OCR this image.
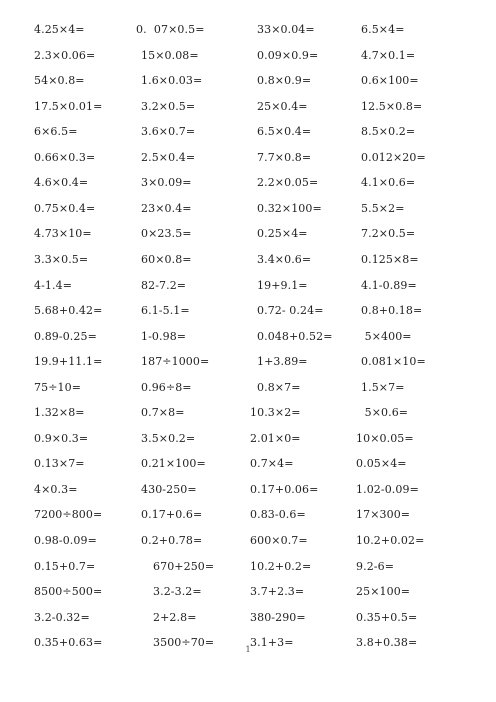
4.25×4=	0.  07×0.5=	33×0.04=	6.5×4=
2.3×0.06=	15×0.08=	0.09×0.9=	4.7×0.1=
54×0.8=	1.6×0.03=	0.8×0.9=	0.6×100=
17.5×0.01=	3.2×0.5=	25×0.4=	12.5×0.8=
6×6.5=	3.6×0.7=	6.5×0.4=	8.5×0.2=
0.66×0.3=	2.5×0.4=	7.7×0.8=	0.012×20=
4.6×0.4=	3×0.09=	2.2×0.05=	4.1×0.6=
0.75×0.4=	23×0.4=	0.32×100=	5.5×2=
4.73×10=	0×23.5=	0.25×4=	7.2×0.5=
3.3×0.5=	60×0.8=	3.4×0.6=	0.125×8=
4-1.4=	82-7.2=	19+9.1=	4.1-0.89=
5.68+0.42=	6.1-5.1=	0.72- 0.24=	0.8+0.18=
0.89-0.25=	1-0.98=	0.048+0.52=	5×400=
19.9+11.1=	187÷1000=	1+3.89=	0.081×10=
75÷10=	0.96÷8=	0.8×7=	1.5×7=
1.32×8=	0.7×8=	10.3×2=	5×0.6=
0.9×0.3=	3.5×0.2=	2.01×0=	10×0.05=
0.13×7=	0.21×100=	0.7×4=	0.05×4=
4×0.3=	430-250=	0.17+0.06=	1.02-0.09=
7200÷800=	0.17+0.6=	0.83-0.6=	17×300=
0.98-0.09=	0.2+0.78=	600×0.7=	10.2+0.02=
0.15+0.7=	670+250=	10.2+0.2=	9.2-6=
8500÷500=	3.2-3.2=	3.7+2.3=	25×100=
3.2-0.32=	2+2.8=	380-290=	0.35+0.5=
0.35+0.63=	3500÷70=	3.1+3=	3.8+0.38=
1
